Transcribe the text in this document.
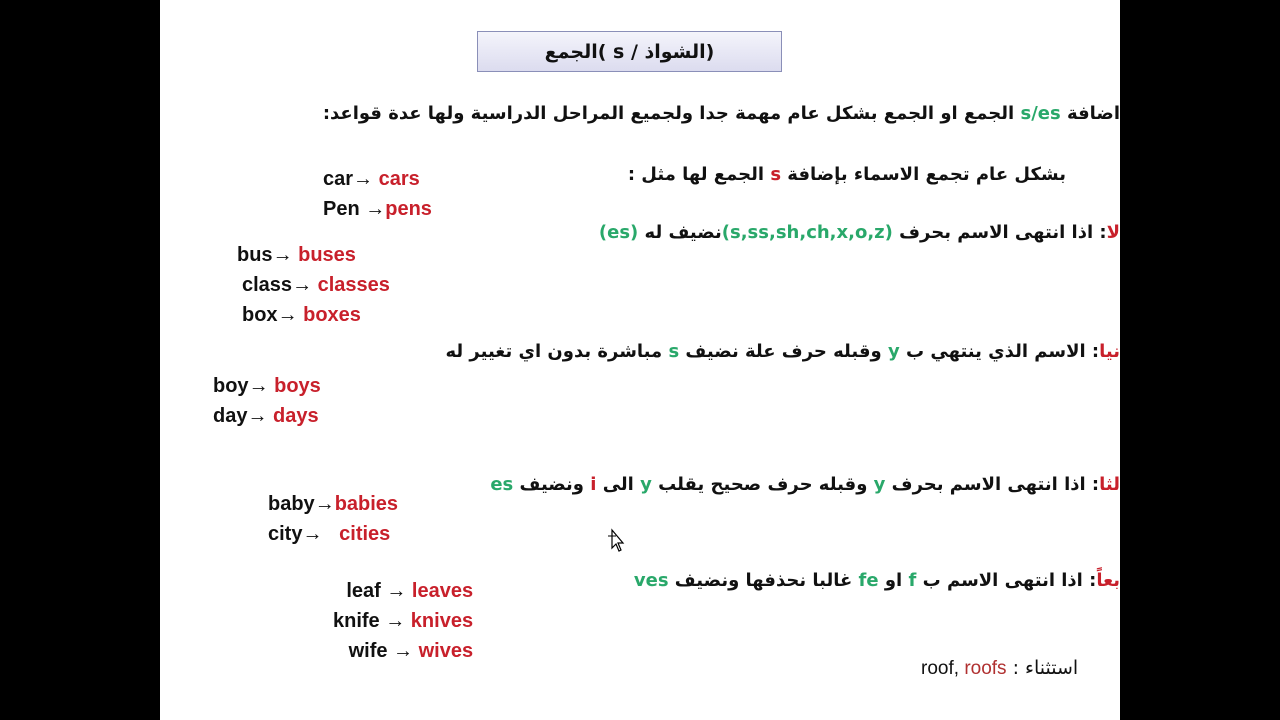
الجمع( s / الشواذ)
اضافة s/es الجمع او الجمع بشكل عام مهمة جدا ولجميع المراحل الدراسية ولها عدة قواعد:
بشكل عام تجمع الاسماء بإضافة s الجمع لها مثل :
لا: اذا انتهى الاسم بحرف (s,ss,sh,ch,x,o,z)نضيف له (es)
نيا: الاسم الذي ينتهي ب y وقبله حرف علة نضيف s مباشرة بدون اي تغيير له
لثا: اذا انتهى الاسم بحرف y وقبله حرف صحيح يقلب y الى i ونضيف es
بعاً: اذا انتهى الاسم ب f او fe غالبا نحذفها ونضيف ves
roof, roofs استثناء :
car→ cars
Pen →pens
bus→ buses
class→ classes
box→ boxes
boy→ boys
day→ days
baby→babies
city→   cities
leaf → leaves
knife → knives
wife → wives
